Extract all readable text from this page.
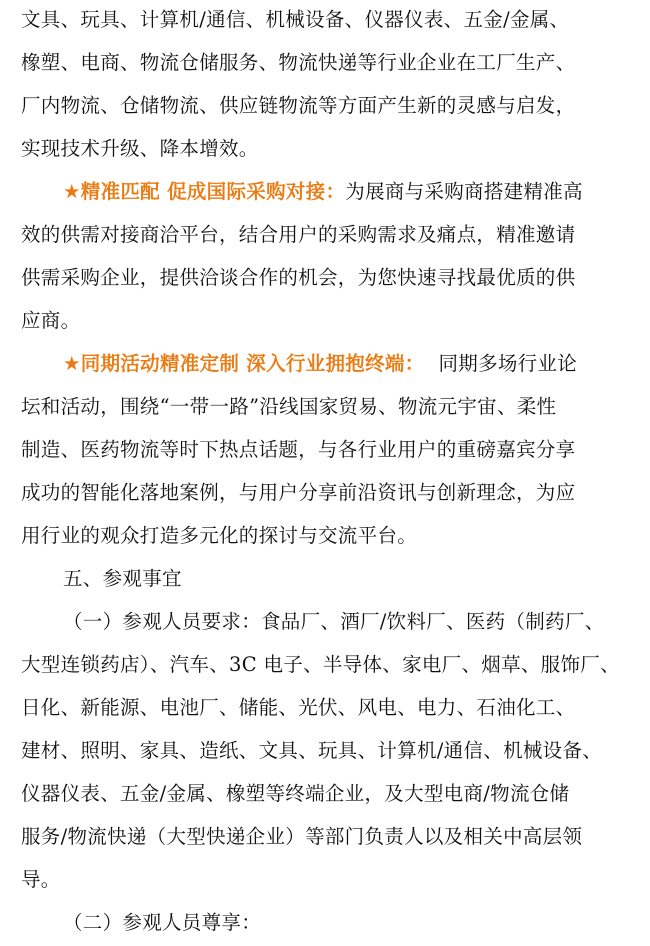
文具、玩具、计算机/通信、机械设备、仪器仪表、五金/金属、
橡塑、电商、物流仓储服务、物流快递等行业企业在工厂生产、
厂内物流、仓储物流、供应链物流等方面产生新的灵感与启发，
实现技术升级、降本增效。
★精准匹配 促成国际采购对接：为展商与采购商搭建精准高
效的供需对接商洽平台，结合用户的采购需求及痛点，精准邀请
供需采购企业，提供洽谈合作的机会，为您快速寻找最优质的供
应商。
★同期活动精准定制 深入行业拥抱终端： 同期多场行业论
坛和活动，围绕“一带一路”沿线国家贸易、物流元宇宙、柔性
制造、医药物流等时下热点话题，与各行业用户的重磅嘉宾分享
成功的智能化落地案例，与用户分享前沿资讯与创新理念，为应
用行业的观众打造多元化的探讨与交流平台。
五、参观事宜
（一）参观人员要求：食品厂、酒厂/饮料厂、医药（制药厂、
大型连锁药店）、汽车、3C 电子、半导体、家电厂、烟草、服饰厂、
日化、新能源、电池厂、储能、光伏、风电、电力、石油化工、
建材、照明、家具、造纸、文具、玩具、计算机/通信、机械设备、
仪器仪表、五金/金属、橡塑等终端企业，及大型电商/物流仓储
服务/物流快递（大型快递企业）等部门负责人以及相关中高层领
导。
（二）参观人员尊享：
